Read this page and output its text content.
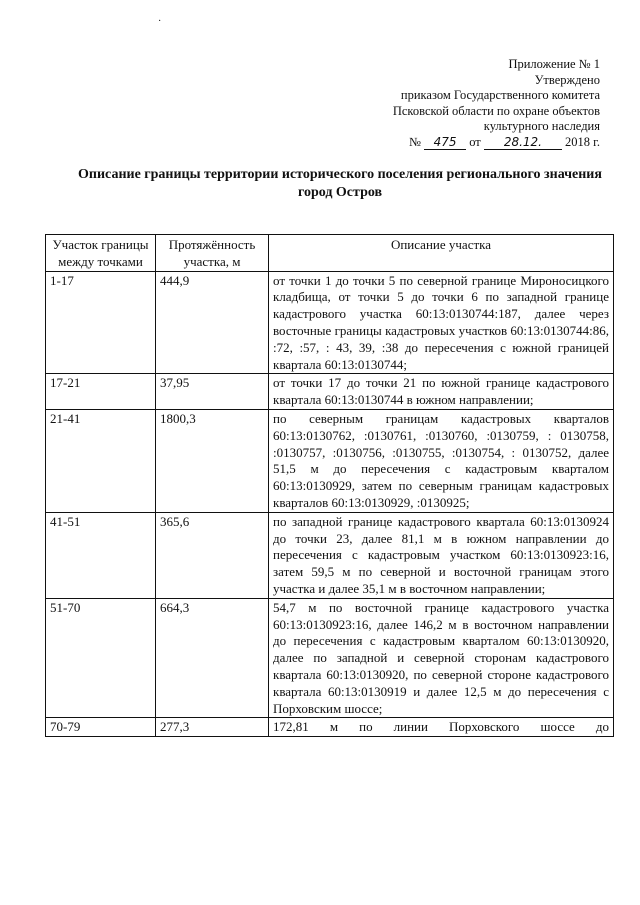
·
Приложение № 1
Утверждено
приказом Государственного комитета
Псковской области по охране объектов
культурного наследия
№ 475 от 28.12. 2018 г.
Описание границы территории исторического поселения регионального значения город Остров
Участок границы между точками	Протяжённость участка, м	Описание участка
1-17	444,9	от точки 1 до точки 5 по северной границе Мироносицкого кладбища, от точки 5 до точки 6 по западной границе кадастрового участка 60:13:0130744:187, далее через восточные границы кадастровых участков 60:13:0130744:86, :72, :57, : 43, 39, :38 до пересечения с южной границей квартала 60:13:0130744;
17-21	37,95	от точки 17 до точки 21 по южной границе кадастрового квартала 60:13:0130744 в южном направлении;
21-41	1800,3	по северным границам кадастровых кварталов 60:13:0130762, :0130761, :0130760, :0130759, : 0130758, :0130757, :0130756, :0130755, :0130754, : 0130752, далее 51,5 м до пересечения с кадастровым кварталом 60:13:0130929, затем по северным границам кадастровых кварталов 60:13:0130929, :0130925;
41-51	365,6	по западной границе кадастрового квартала 60:13:0130924 до точки 23, далее 81,1 м в южном направлении до пересечения с кадастровым участком 60:13:0130923:16, затем 59,5 м по северной и восточной границам этого участка и далее 35,1 м в восточном направлении;
51-70	664,3	54,7 м по восточной границе кадастрового участка 60:13:0130923:16, далее 146,2 м в восточном направлении до пересечения с кадастровым кварталом 60:13:0130920, далее по западной и северной сторонам кадастрового квартала 60:13:0130920, по северной стороне кадастрового квартала 60:13:0130919 и далее 12,5 м до пересечения с Порховским шоссе;
70-79	277,3	172,81 м по линии Порховского шоссе до
